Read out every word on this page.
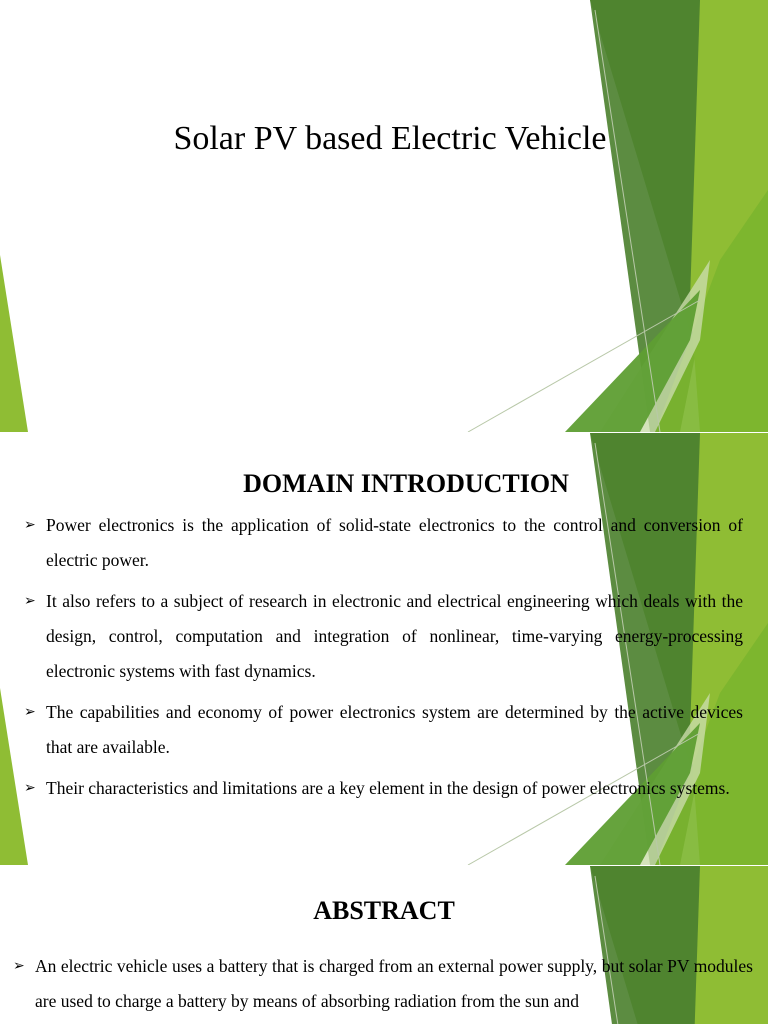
Solar PV based Electric Vehicle
DOMAIN INTRODUCTION
➢ Power electronics is the application of solid-state electronics to the control and conversion of electric power.
➢ It also refers to a subject of research in electronic and electrical engineering which deals with the design, control, computation and integration of nonlinear, time-varying energy-processing electronic systems with fast dynamics.
➢ The capabilities and economy of power electronics system are determined by the active devices that are available.
➢ Their characteristics and limitations are a key element in the design of power electronics systems.
ABSTRACT
➢ An electric vehicle uses a battery that is charged from an external power supply, but solar PV modules are used to charge a battery by means of absorbing radiation from the sun and
